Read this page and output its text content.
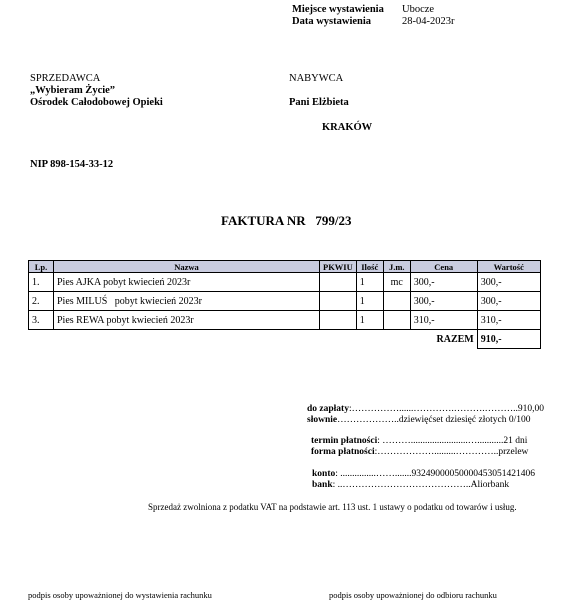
Miejsce wystawienia	Ubocze
Data wystawienia	28-04-2023r
SPRZEDAWCA
„Wybieram Życie”
Ośrodek Całodobowej Opieki
NABYWCA
Pani Elżbieta
KRAKÓW
NIP 898-154-33-12
FAKTURA NR   799/23
Lp.	Nazwa	PKWIU	Ilość	J.m.	Cena	Wartość
1.	Pies AJKA pobyt kwiecień 2023r		1	mc	300,-	300,-
2.	Pies MILUŚ   pobyt kwiecień 2023r		1		300,-	300,-
3.	Pies REWA pobyt kwiecień 2023r		1		310,-	310,-
					RAZEM	910,-
do zapłaty:……………......………….……….………..910,00
słownie………………..dziewięćset dziesięć złotych 0/100
termin płatności: ………........................…...........21 dni
forma płatności:……………….........…………..przelew
konto: ...............…….......93249000050000453051421406
bank: ..…………………………………..Aliorbank
Sprzedaż zwolniona z podatku VAT na podstawie art. 113 ust. 1 ustawy o podatku od towarów i usług.
podpis osoby upoważnionej do wystawienia rachunku	podpis osoby upoważnionej do odbioru rachunku
